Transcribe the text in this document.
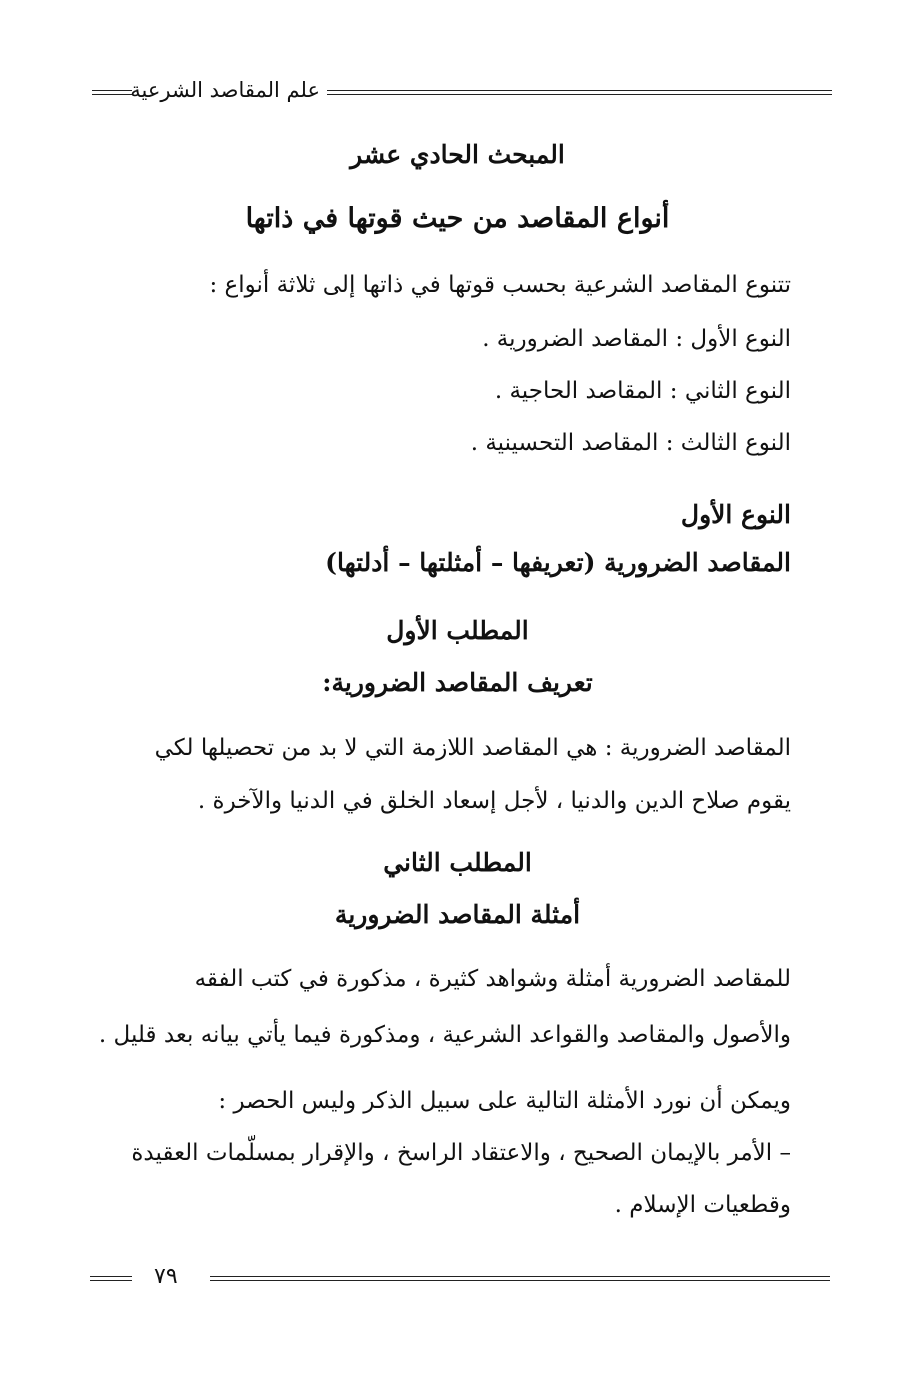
علم المقاصد الشرعية
المبحث الحادي عشر
أنواع المقاصد من حيث قوتها في ذاتها
تتنوع المقاصد الشرعية بحسب قوتها في ذاتها إلى ثلاثة أنواع :
النوع الأول : المقاصد الضرورية .
النوع الثاني : المقاصد الحاجية .
النوع الثالث : المقاصد التحسينية .
النوع الأول
المقاصد الضرورية (تعريفها – أمثلتها – أدلتها)
المطلب الأول
تعريف المقاصد الضرورية:
المقاصد الضرورية : هي المقاصد اللازمة التي لا بد من تحصيلها لكي
يقوم صلاح الدين والدنيا ، لأجل إسعاد الخلق في الدنيا والآخرة .
المطلب الثاني
أمثلة المقاصد الضرورية
للمقاصد الضرورية أمثلة وشواهد كثيرة ، مذكورة في كتب الفقه
والأصول والمقاصد والقواعد الشرعية ، ومذكورة فيما يأتي بيانه بعد قليل .
ويمكن أن نورد الأمثلة التالية على سبيل الذكر وليس الحصر :
– الأمر بالإيمان الصحيح ، والاعتقاد الراسخ ، والإقرار بمسلّمات العقيدة
وقطعيات الإسلام .
٧٩
